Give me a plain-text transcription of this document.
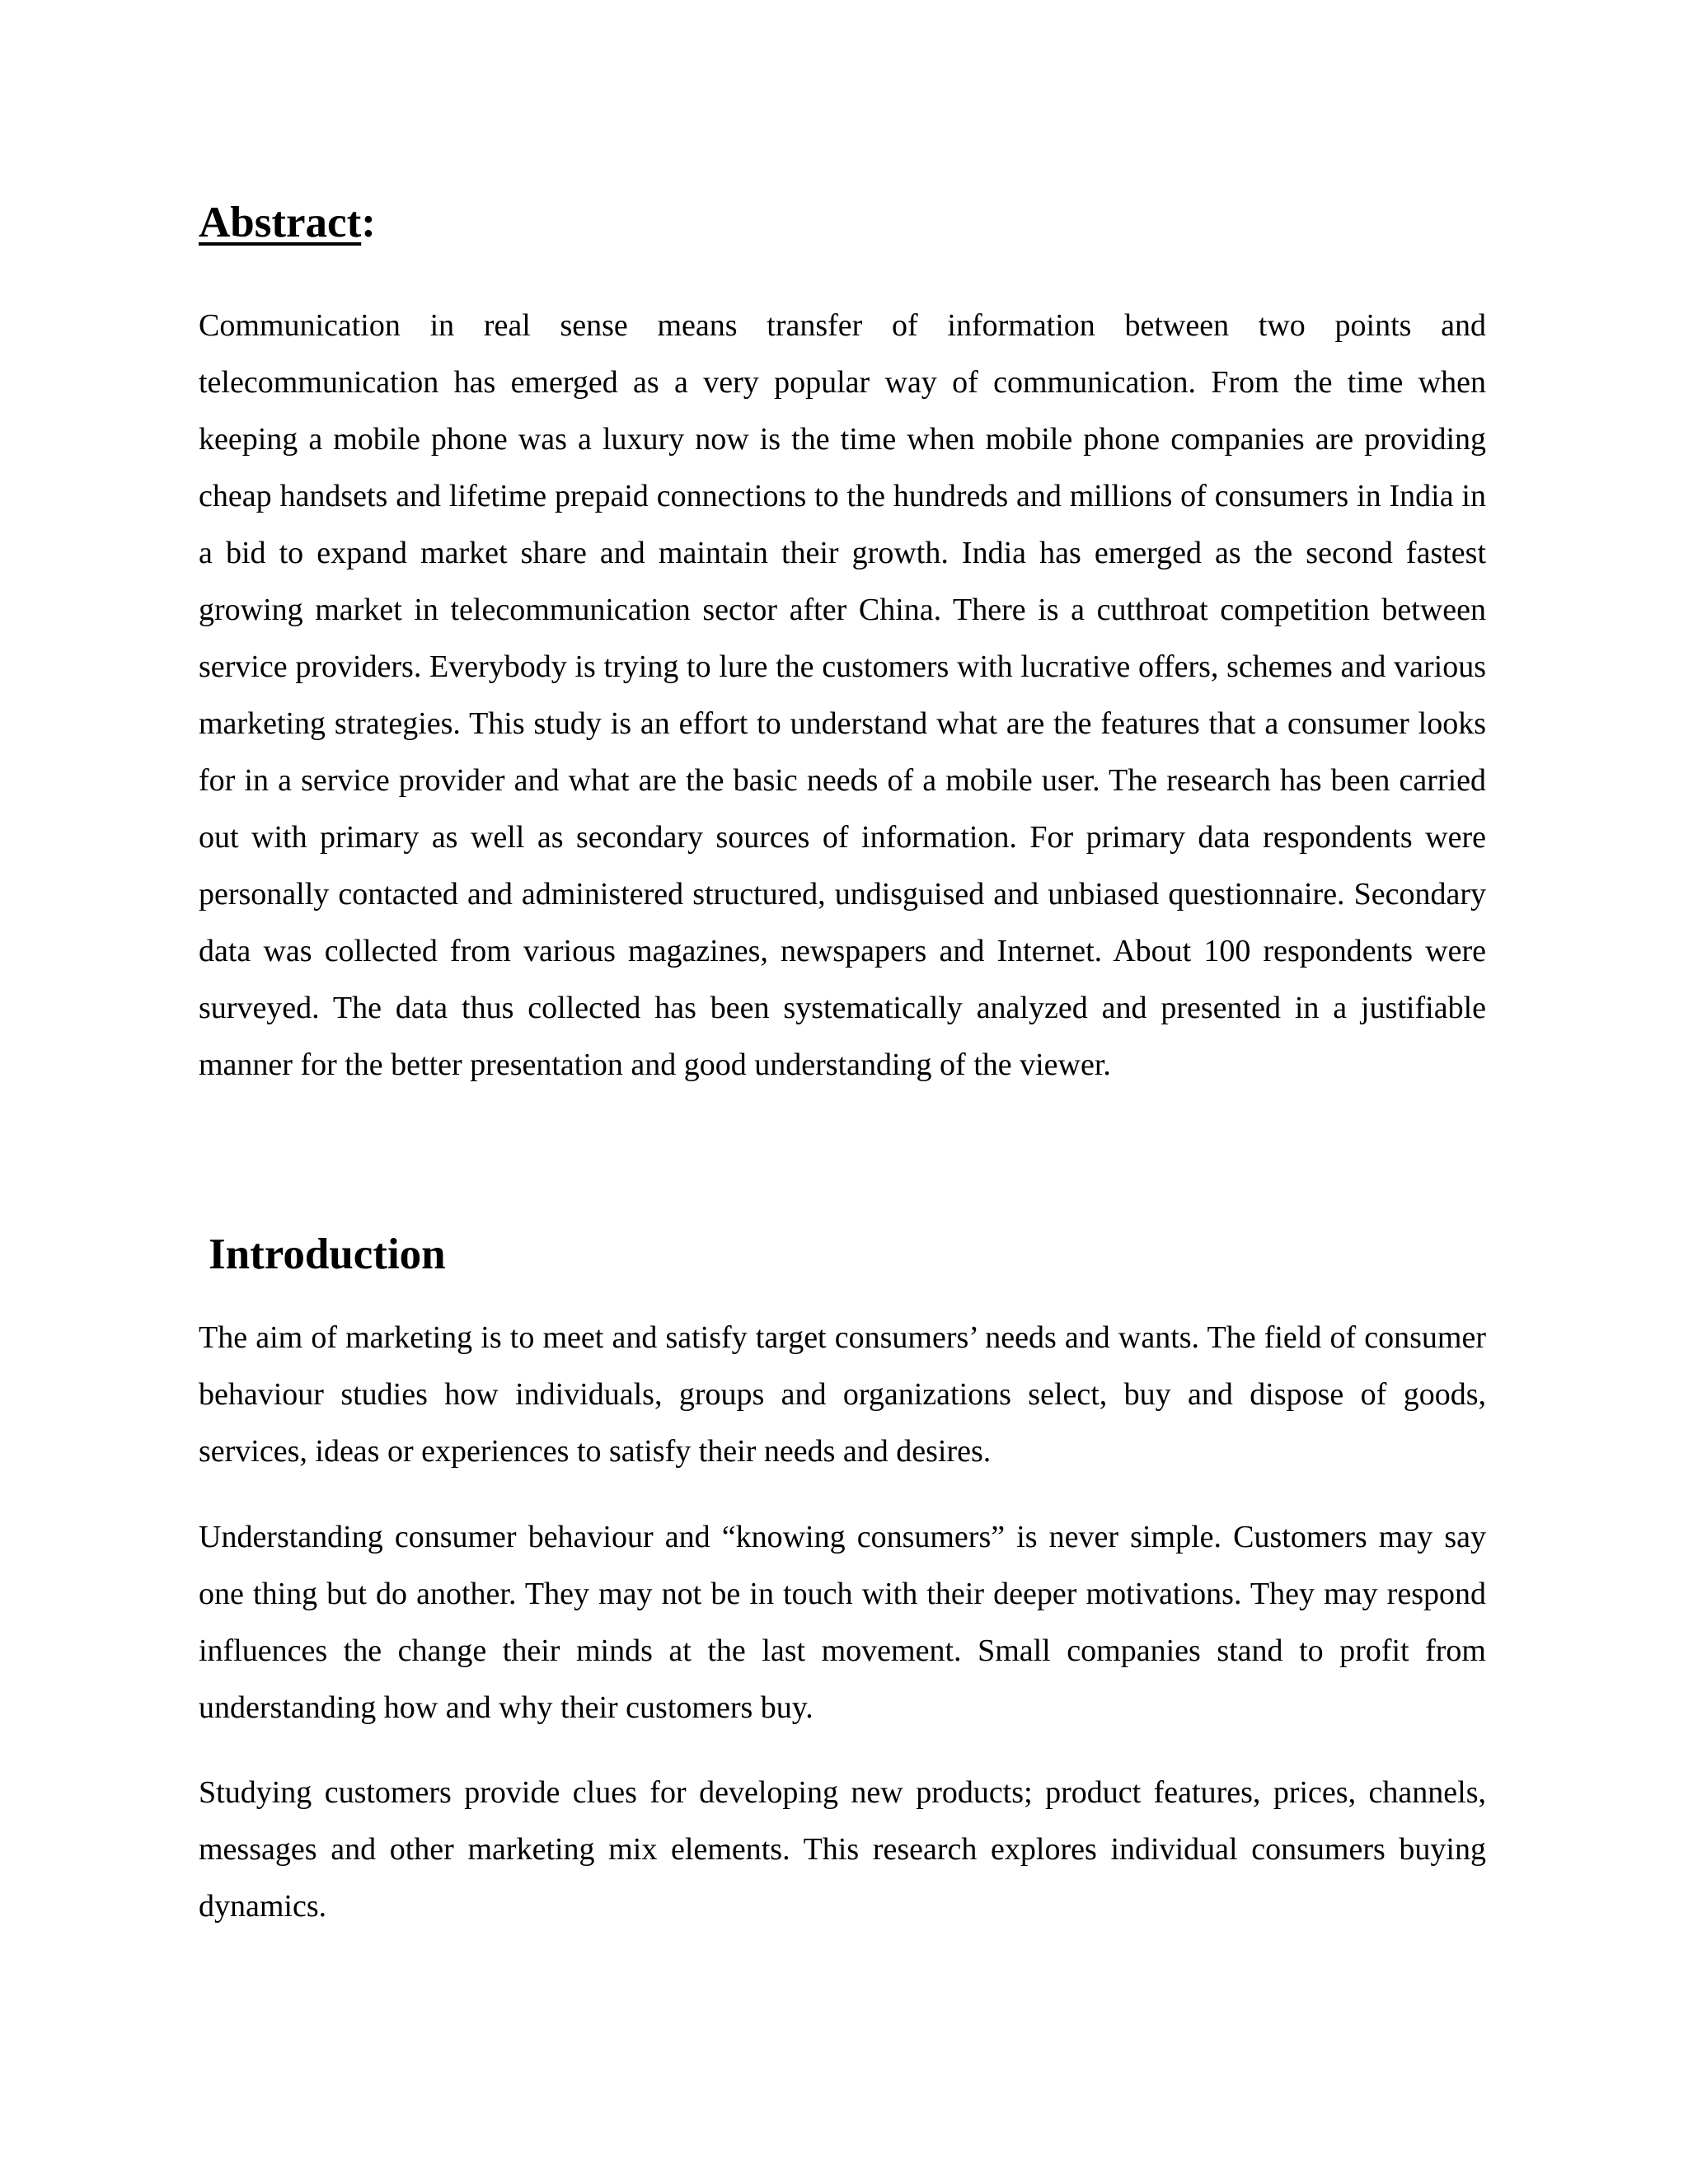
Abstract:

Communication in real sense means transfer of information between two points and telecommunication has emerged as a very popular way of communication. From the time when keeping a mobile phone was a luxury now is the time when mobile phone companies are providing cheap handsets and lifetime prepaid connections to the hundreds and millions of consumers in India in a bid to expand market share and maintain their growth. India has emerged as the second fastest growing market in telecommunication sector after China. There is a cutthroat competition between service providers. Everybody is trying to lure the customers with lucrative offers, schemes and various marketing strategies. This study is an effort to understand what are the features that a consumer looks for in a service provider and what are the basic needs of a mobile user. The research has been carried out with primary as well as secondary sources of information. For primary data respondents were personally contacted and administered structured, undisguised and unbiased questionnaire. Secondary data was collected from various magazines, newspapers and Internet. About 100 respondents were surveyed. The data thus collected has been systematically analyzed and presented in a justifiable manner for the better presentation and good understanding of the viewer.

Introduction

The aim of marketing is to meet and satisfy target consumers’ needs and wants. The field of consumer behaviour studies how individuals, groups and organizations select, buy and dispose of goods, services, ideas or experiences to satisfy their needs and desires.

Understanding consumer behaviour and “knowing consumers” is never simple. Customers may say one thing but do another. They may not be in touch with their deeper motivations. They may respond influences the change their minds at the last movement. Small companies stand to profit from understanding how and why their customers buy.

Studying customers provide clues for developing new products; product features, prices, channels, messages and other marketing mix elements. This research explores individual consumers buying dynamics.
